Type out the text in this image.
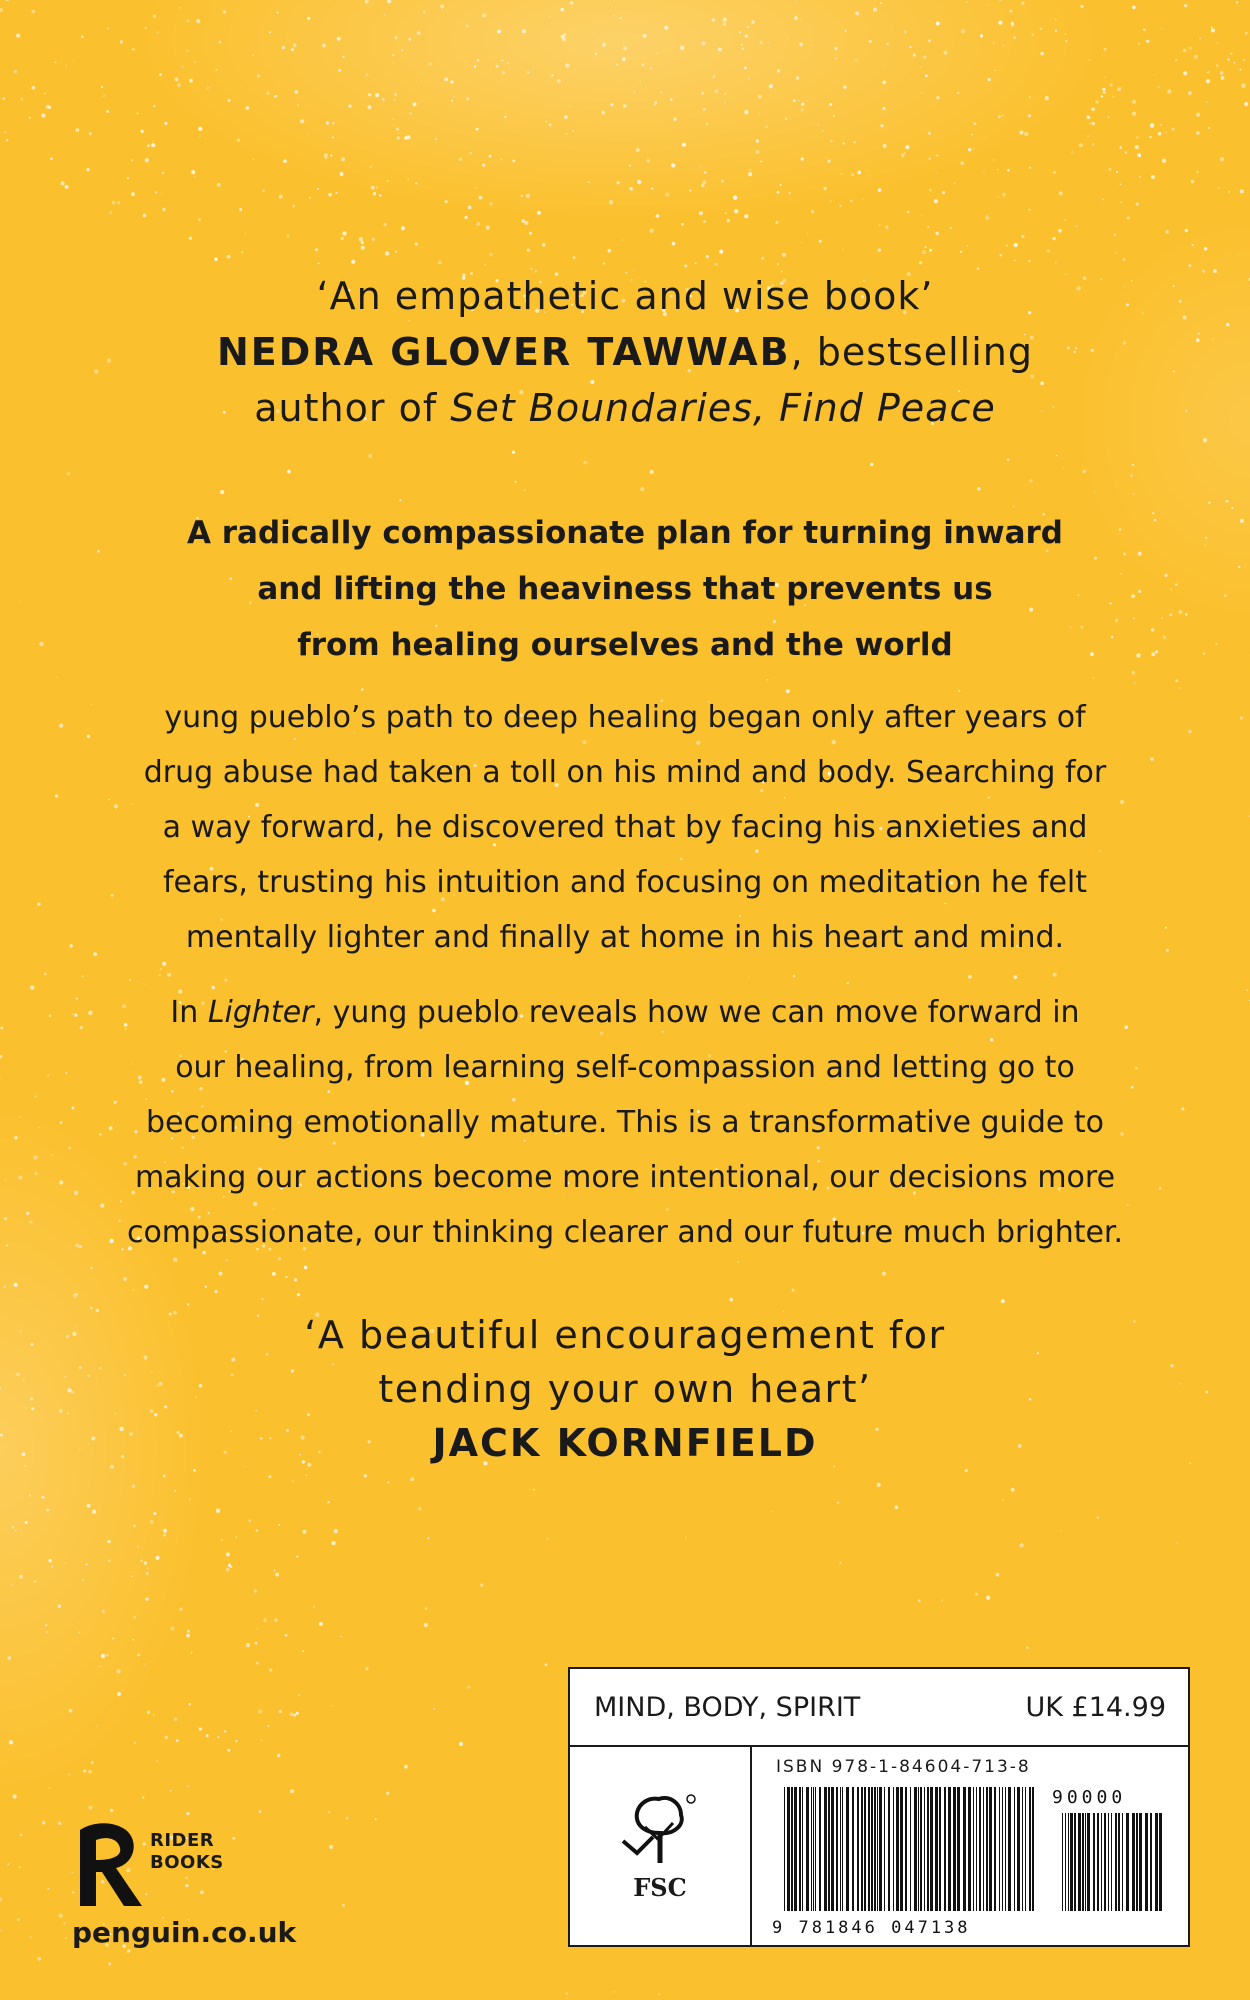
‘An empathetic and wise book’
NEDRA GLOVER TAWWAB, bestselling
author of Set Boundaries, Find Peace
A radically compassionate plan for turning inward
and lifting the heaviness that prevents us
from healing ourselves and the world
yung pueblo’s path to deep healing began only after years of
drug abuse had taken a toll on his mind and body. Searching for
a way forward, he discovered that by facing his anxieties and
fears, trusting his intuition and focusing on meditation he felt
mentally lighter and finally at home in his heart and mind.
In Lighter, yung pueblo reveals how we can move forward in
our healing, from learning self-compassion and letting go to
becoming emotionally mature. This is a transformative guide to
making our actions become more intentional, our decisions more
compassionate, our thinking clearer and our future much brighter.
‘A beautiful encouragement for
tending your own heart’
JACK KORNFIELD
MIND, BODY, SPIRIT	UK £14.99
FSC
ISBN 978-1-84604-713-8
9 781846 047138
90000
RIDER
BOOKS
penguin.co.uk
